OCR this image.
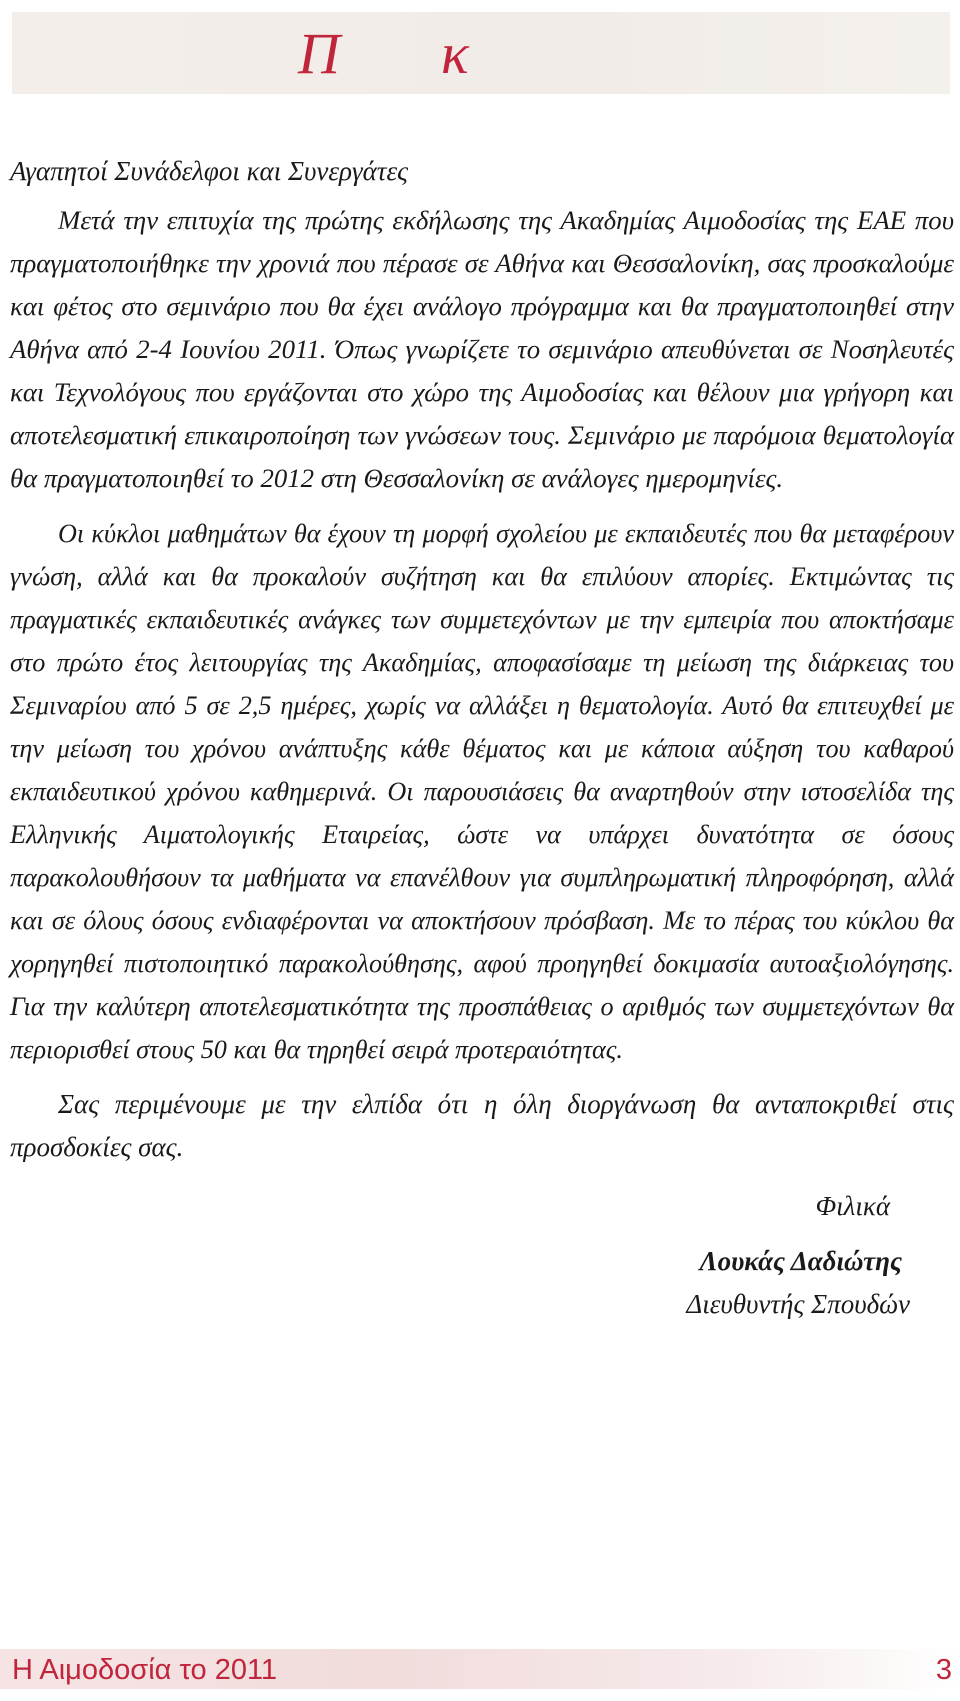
Π      κ

Αγαπητοί Συνάδελφοι και Συνεργάτες

Μετά την επιτυχία της πρώτης εκδήλωσης της Ακαδημίας Αιμοδοσίας της ΕΑΕ που πραγματοποιήθηκε την χρονιά που πέρασε σε Αθήνα και Θεσσαλονίκη, σας προσκαλούμε και φέτος στο σεμινάριο που θα έχει ανάλογο πρόγραμμα και θα πραγματοποιηθεί στην Αθήνα από 2-4 Ιουνίου 2011. Όπως γνωρίζετε το σεμινάριο απευθύνεται σε Νοσηλευτές και Τεχνολόγους που εργάζονται στο χώρο της Αιμοδοσίας και θέλουν μια γρήγορη και αποτελεσματική επικαιροποίηση των γνώσεων τους. Σεμινάριο με παρόμοια θεματολογία θα πραγματοποιηθεί το 2012 στη Θεσσαλονίκη σε ανάλογες ημερομηνίες.

Οι κύκλοι μαθημάτων θα έχουν τη μορφή σχολείου με εκπαιδευτές που θα μεταφέρουν γνώση, αλλά και θα προκαλούν συζήτηση και θα επιλύουν απορίες. Εκτιμώντας τις πραγματικές εκπαιδευτικές ανάγκες των συμμετεχόντων με την εμπειρία που αποκτήσαμε στο πρώτο έτος λειτουργίας της Ακαδημίας, αποφασίσαμε τη μείωση της διάρκειας του Σεμιναρίου από 5 σε 2,5 ημέρες, χωρίς να αλλάξει η θεματολογία. Αυτό θα επιτευχθεί με την μείωση του χρόνου ανάπτυξης κάθε θέματος και με κάποια αύξηση του καθαρού εκπαιδευτικού χρόνου καθημερινά. Οι παρουσιάσεις θα αναρτηθούν στην ιστοσελίδα της Ελληνικής Αιματολογικής Εταιρείας, ώστε να υπάρχει δυνατότητα σε όσους παρακολουθήσουν τα μαθήματα να επανέλθουν για συμπληρωματική πληροφόρηση, αλλά και σε όλους όσους ενδιαφέρονται να αποκτήσουν πρόσβαση. Με το πέρας του κύκλου θα χορηγηθεί πιστοποιητικό παρακολούθησης, αφού προηγηθεί δοκιμασία αυτοαξιολόγησης. Για την καλύτερη αποτελεσματικότητα της προσπάθειας ο αριθμός των συμμετεχόντων θα περιορισθεί στους 50 και θα τηρηθεί σειρά προτεραιότητας.

Σας περιμένουμε με την ελπίδα ότι η όλη διοργάνωση θα ανταποκριθεί στις προσδοκίες σας.

Φιλικά

Λουκάς Δαδιώτης

Διευθυντής Σπουδών

Η Αιμοδοσία το 2011	3
